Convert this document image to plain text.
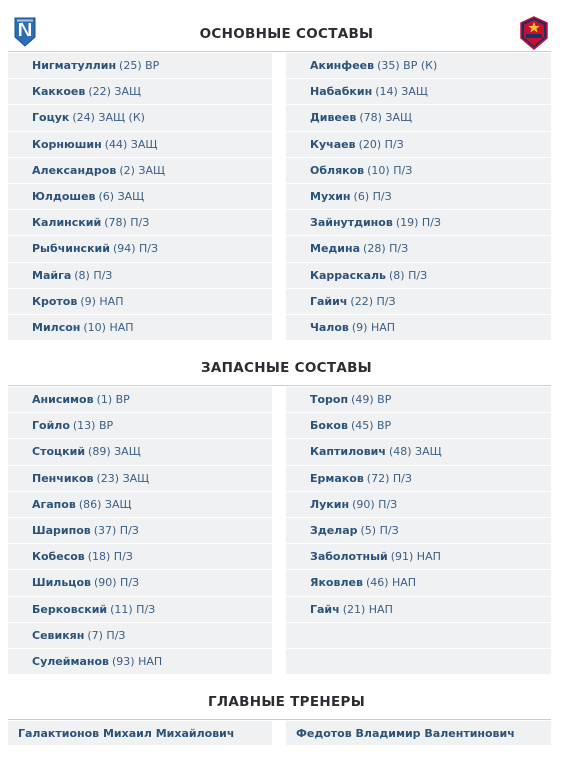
ОСНОВНЫЕ СОСТАВЫ
Нигматуллин (25) ВР
Каккоев (22) ЗАЩ
Гоцук (24) ЗАЩ (К)
Корнюшин (44) ЗАЩ
Александров (2) ЗАЩ
Юлдошев (6) ЗАЩ
Калинский (78) П/З
Рыбчинский (94) П/З
Майга (8) П/З
Кротов (9) НАП
Милсон (10) НАП
Акинфеев (35) ВР (К)
Набабкин (14) ЗАЩ
Дивеев (78) ЗАЩ
Кучаев (20) П/З
Обляков (10) П/З
Мухин (6) П/З
Зайнутдинов (19) П/З
Медина (28) П/З
Карраскаль (8) П/З
Гайич (22) П/З
Чалов (9) НАП
ЗАПАСНЫЕ СОСТАВЫ
Анисимов (1) ВР
Гойло (13) ВР
Стоцкий (89) ЗАЩ
Пенчиков (23) ЗАЩ
Агапов (86) ЗАЩ
Шарипов (37) П/З
Кобесов (18) П/З
Шильцов (90) П/З
Берковский (11) П/З
Севикян (7) П/З
Сулейманов (93) НАП
Тороп (49) ВР
Боков (45) ВР
Каптилович (48) ЗАЩ
Ермаков (72) П/З
Лукин (90) П/З
Зделар (5) П/З
Заболотный (91) НАП
Яковлев (46) НАП
Гайч (21) НАП
ГЛАВНЫЕ ТРЕНЕРЫ
Галактионов Михаил Михайлович	Федотов Владимир Валентинович
